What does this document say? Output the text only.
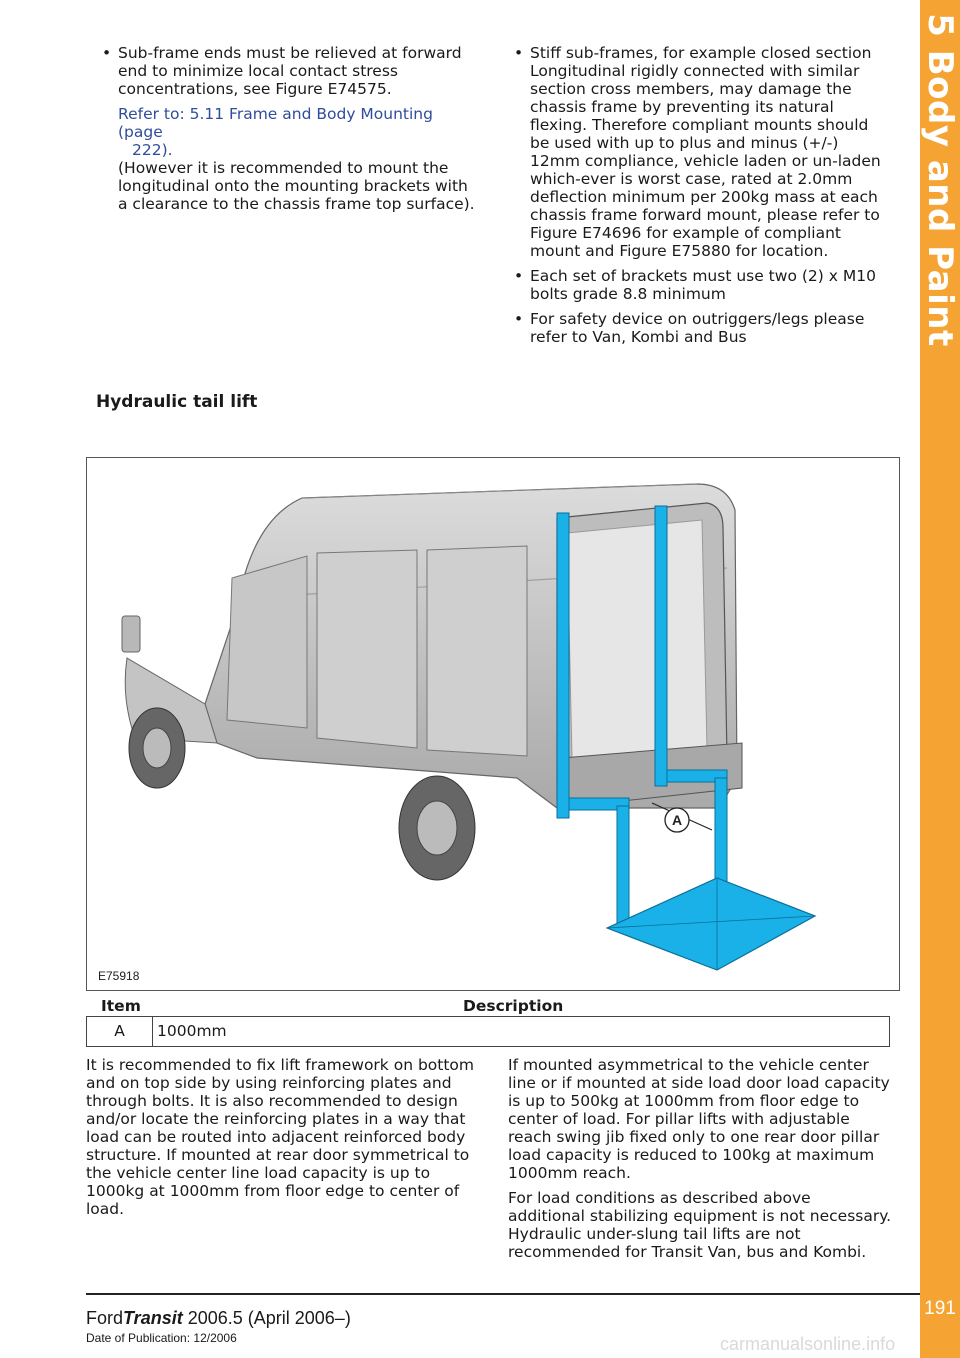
5 Body and Paint
191
• Sub-frame ends must be relieved at forward end to minimize local contact stress concentrations, see Figure E74575.
Refer to: 5.11 Frame and Body Mounting (page
222).
(However it is recommended to mount the longitudinal onto the mounting brackets with a clearance to the chassis frame top surface).
• Stiff sub-frames, for example closed section Longitudinal rigidly connected with similar section cross members, may damage the chassis frame by preventing its natural flexing. Therefore compliant mounts should be used with up to plus and minus (+/-) 12mm compliance, vehicle laden or un-laden which-ever is worst case, rated at 2.0mm deflection minimum per 200kg mass at each chassis frame forward mount, please refer to Figure E74696 for example of compliant mount and Figure E75880 for location.
• Each set of brackets must use two (2) x M10 bolts grade 8.8 minimum
• For safety device on outriggers/legs please refer to Van, Kombi and Bus
Hydraulic tail lift
A
E75918
Item	Description
A	1000mm
It is recommended to fix lift framework on bottom and on top side by using reinforcing plates and through bolts. It is also recommended to design and/or locate the reinforcing plates in a way that load can be routed into adjacent reinforced body structure. If mounted at rear door symmetrical to the vehicle center line load capacity is up to 1000kg at 1000mm from floor edge to center of load.

If mounted asymmetrical to the vehicle center line or if mounted at side load door load capacity is up to 500kg at 1000mm from floor edge to center of load. For pillar lifts with adjustable reach swing jib fixed only to one rear door pillar load capacity is reduced to 100kg at maximum 1000mm reach.

For load conditions as described above additional stabilizing equipment is not necessary. Hydraulic under-slung tail lifts are not recommended for Transit Van, bus and Kombi.

FordTransit 2006.5 (April 2006–)
Date of Publication: 12/2006	carmanualsonline.info
